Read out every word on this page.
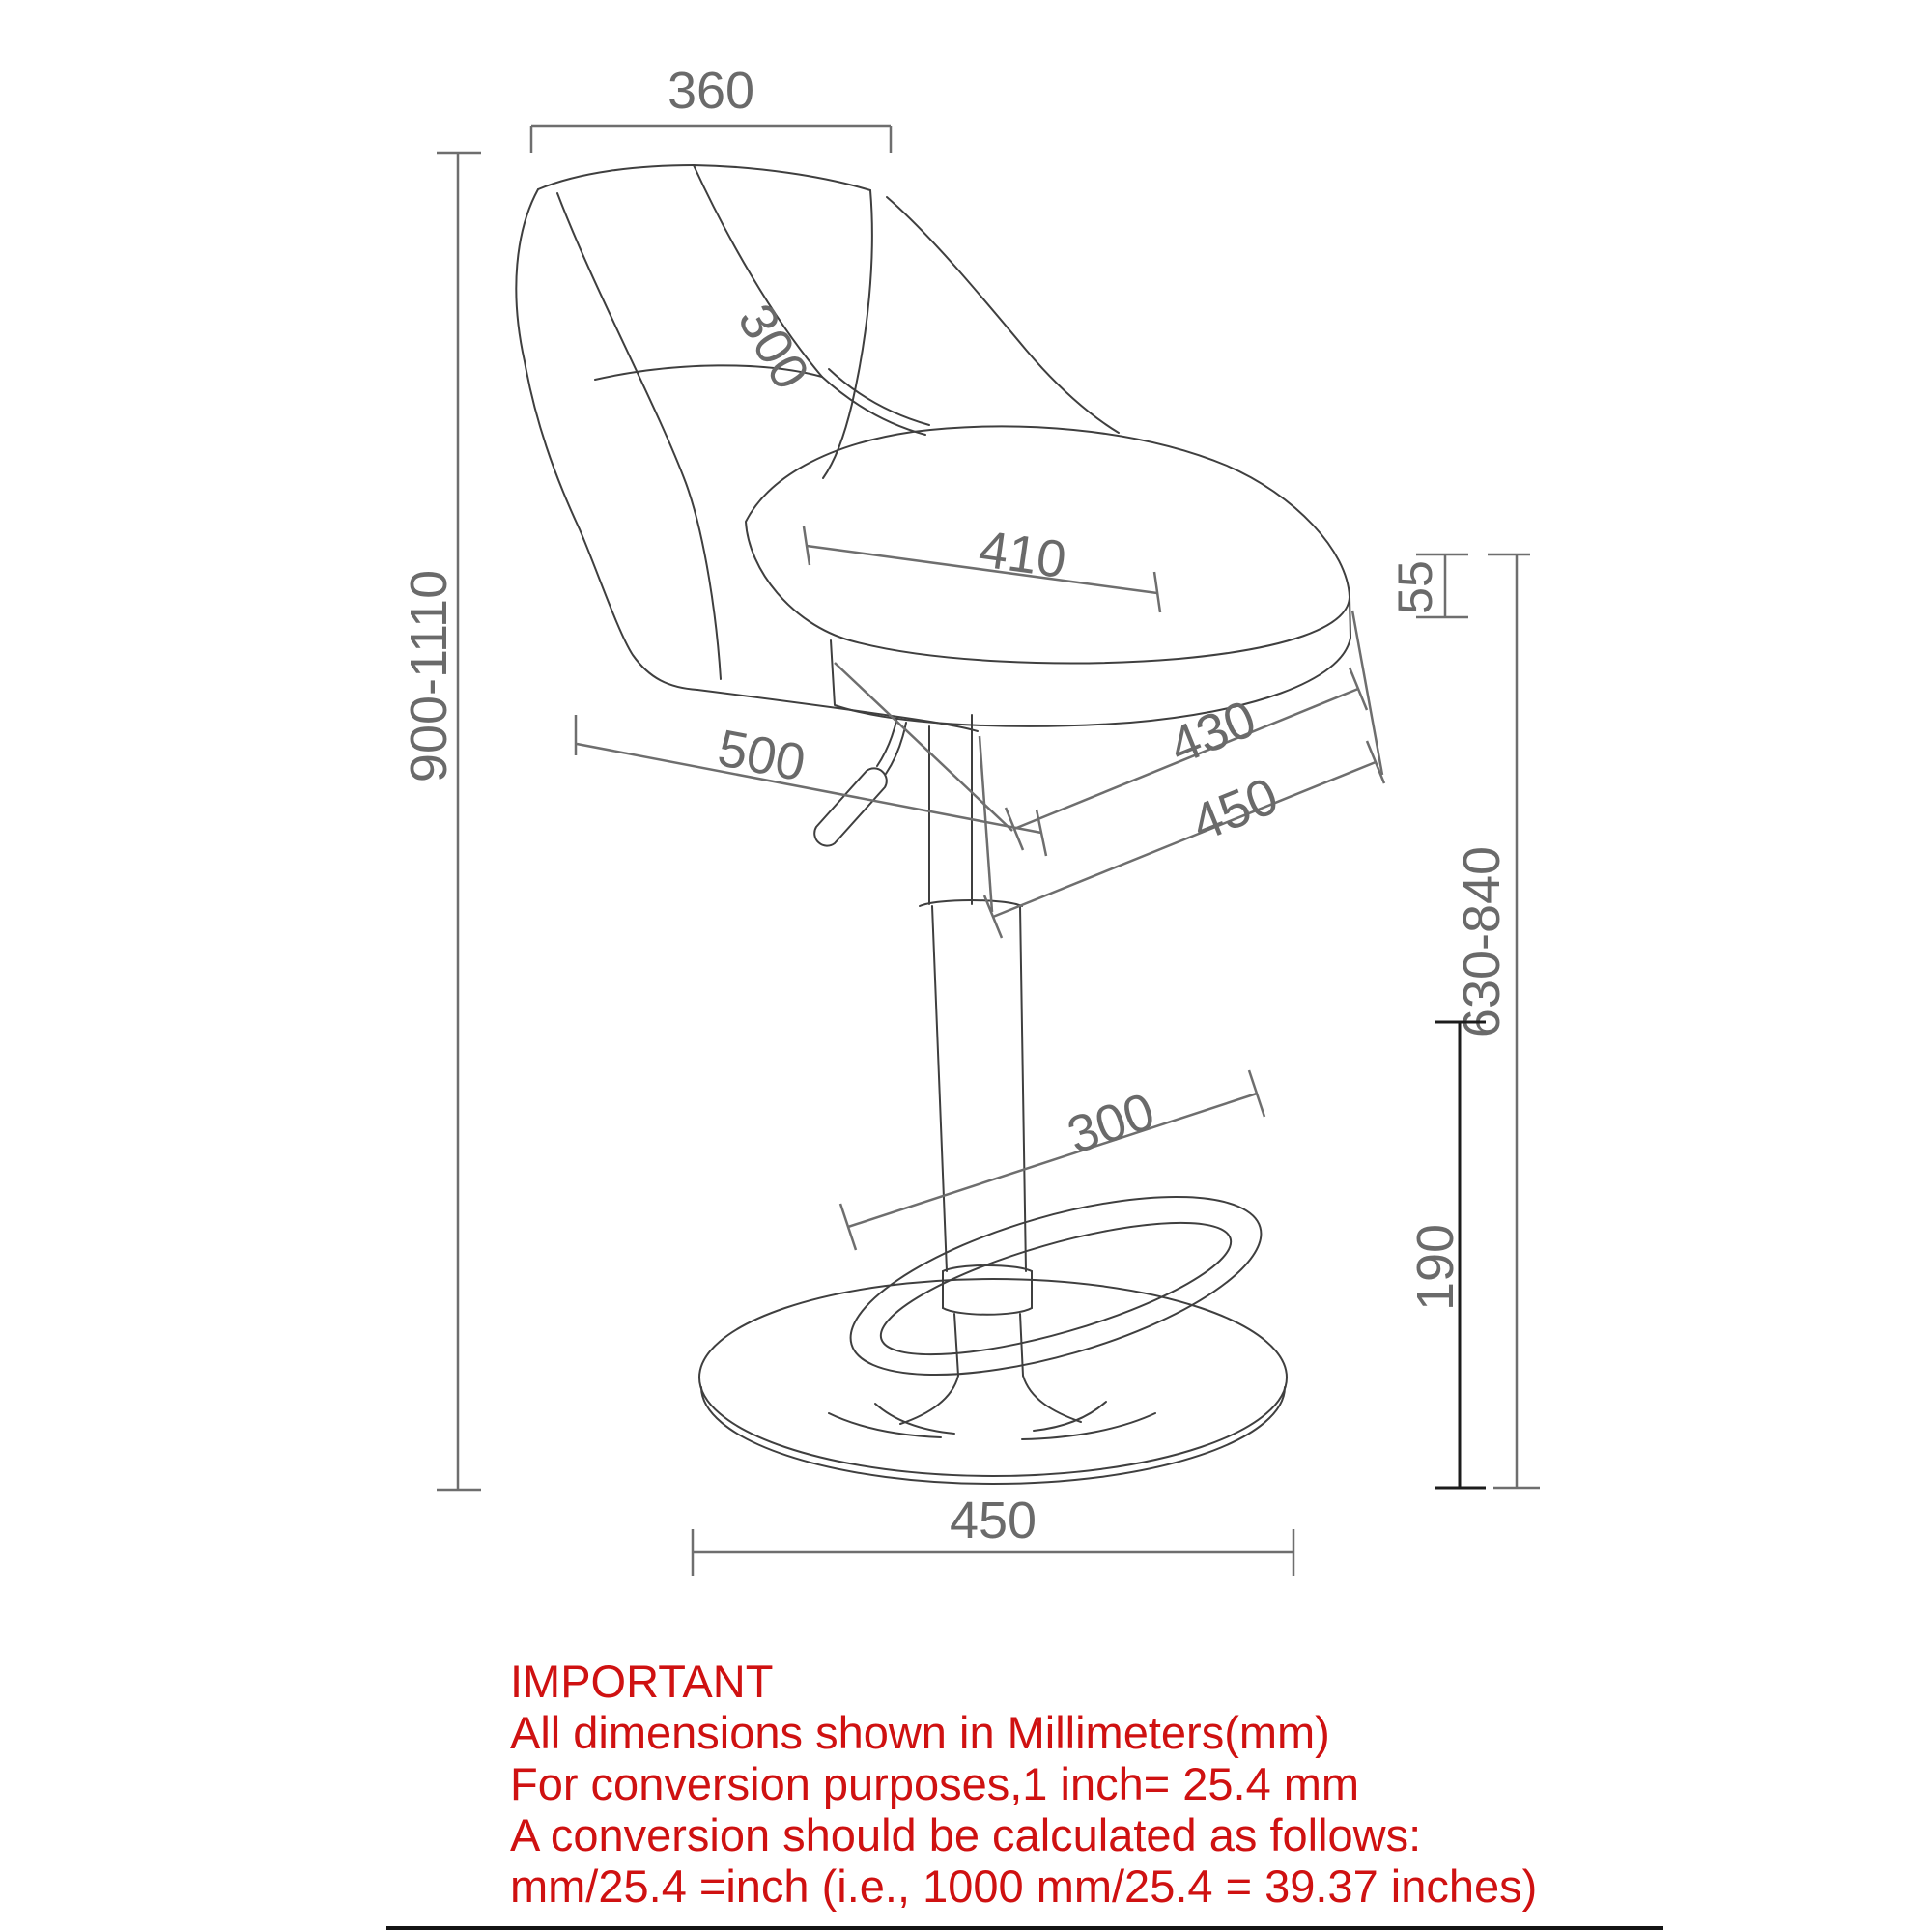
360
900-1110
300
410	55
500	430
450
630-840
190
300
450
IMPORTANT
All dimensions shown in Millimeters(mm)
For conversion purposes,1 inch= 25.4 mm
A conversion should be calculated as follows:
mm/25.4 =inch (i.e., 1000 mm/25.4 = 39.37 inches)
